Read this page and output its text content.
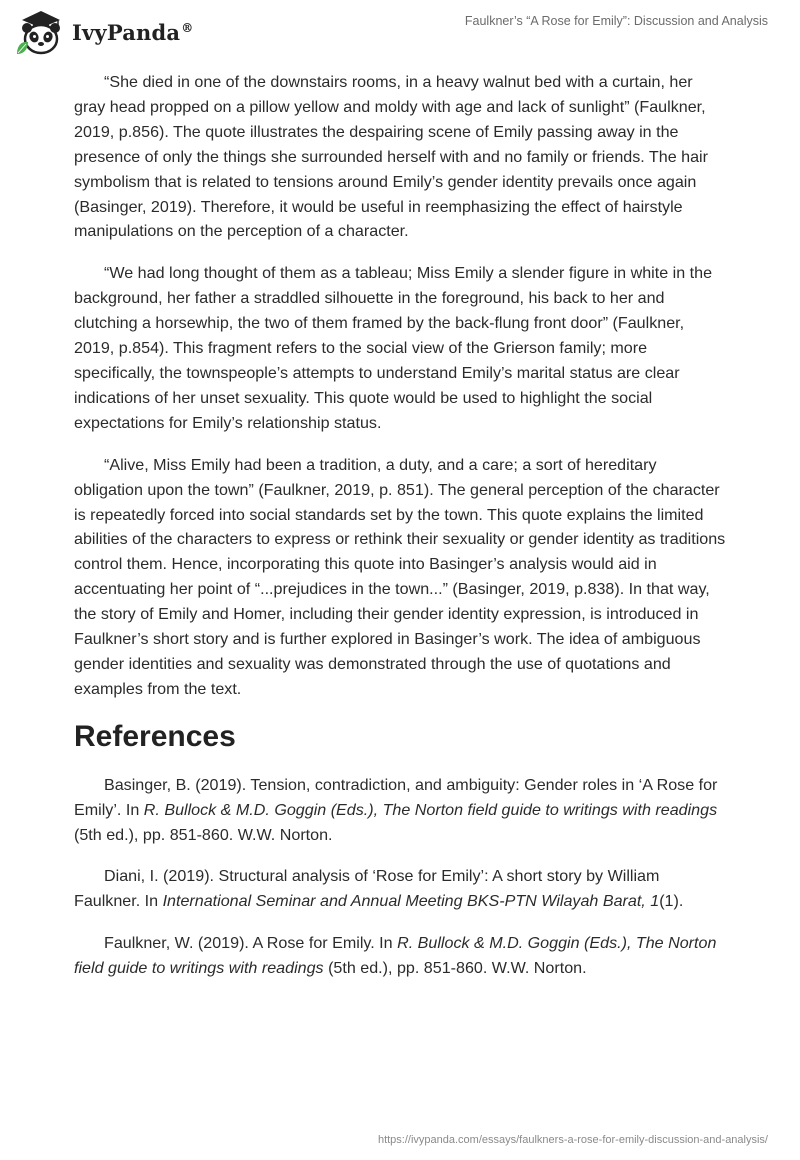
IvyPanda®	Faulkner’s “A Rose for Emily”: Discussion and Analysis

“She died in one of the downstairs rooms, in a heavy walnut bed with a curtain, her gray head propped on a pillow yellow and moldy with age and lack of sunlight” (Faulkner, 2019, p.856). The quote illustrates the despairing scene of Emily passing away in the presence of only the things she surrounded herself with and no family or friends. The hair symbolism that is related to tensions around Emily’s gender identity prevails once again (Basinger, 2019). Therefore, it would be useful in reemphasizing the effect of hairstyle manipulations on the perception of a character.

“We had long thought of them as a tableau; Miss Emily a slender figure in white in the background, her father a straddled silhouette in the foreground, his back to her and clutching a horsewhip, the two of them framed by the back-flung front door” (Faulkner, 2019, p.854). This fragment refers to the social view of the Grierson family; more specifically, the townspeople’s attempts to understand Emily’s marital status are clear indications of her unset sexuality. This quote would be used to highlight the social expectations for Emily’s relationship status.

“Alive, Miss Emily had been a tradition, a duty, and a care; a sort of hereditary obligation upon the town” (Faulkner, 2019, p. 851). The general perception of the character is repeatedly forced into social standards set by the town. This quote explains the limited abilities of the characters to express or rethink their sexuality or gender identity as traditions control them. Hence, incorporating this quote into Basinger’s analysis would aid in accentuating her point of “...prejudices in the town...” (Basinger, 2019, p.838). In that way, the story of Emily and Homer, including their gender identity expression, is introduced in Faulkner’s short story and is further explored in Basinger’s work. The idea of ambiguous gender identities and sexuality was demonstrated through the use of quotations and examples from the text.

References

Basinger, B. (2019). Tension, contradiction, and ambiguity: Gender roles in ‘A Rose for Emily’. In R. Bullock & M.D. Goggin (Eds.), The Norton field guide to writings with readings (5th ed.), pp. 851-860. W.W. Norton.

Diani, I. (2019). Structural analysis of ‘Rose for Emily’: A short story by William Faulkner. In International Seminar and Annual Meeting BKS-PTN Wilayah Barat, 1(1).

Faulkner, W. (2019). A Rose for Emily. In R. Bullock & M.D. Goggin (Eds.), The Norton field guide to writings with readings (5th ed.), pp. 851-860. W.W. Norton.

https://ivypanda.com/essays/faulkners-a-rose-for-emily-discussion-and-analysis/
